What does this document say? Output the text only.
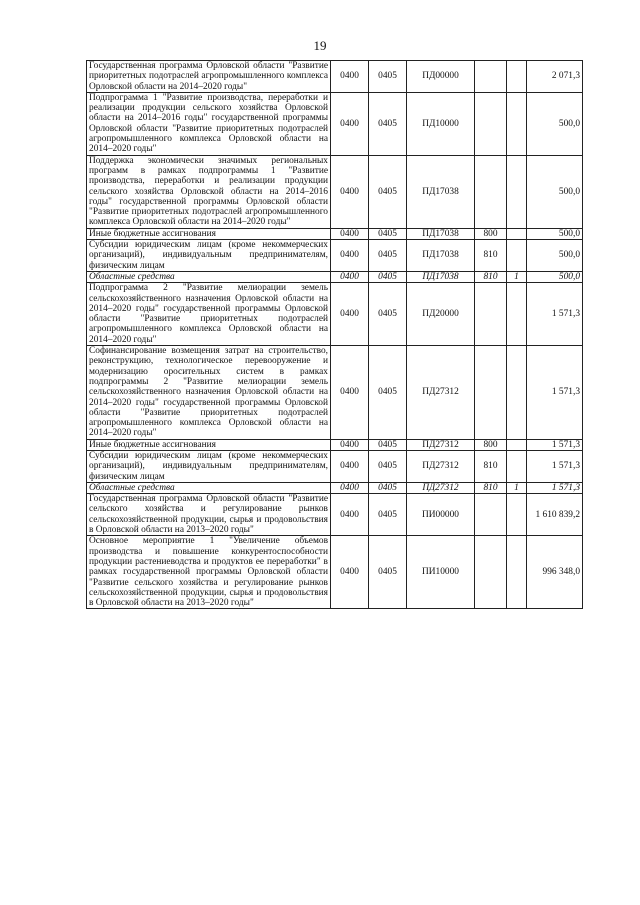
19
Государственная программа Орловской области "Развитие приоритетных подотраслей агропромышленного комплекса Орловской области на 2014–2020 годы"	0400	0405	ПД00000			2 071,3
Подпрограмма 1 "Развитие производства, переработки и реализации продукции сельского хозяйства Орловской области на 2014–2016 годы" государственной программы Орловской области "Развитие приоритетных подотраслей агропромышленного комплекса Орловской области на 2014–2020 годы"	0400	0405	ПД10000			500,0
Поддержка экономически значимых региональных программ в рамках подпрограммы 1 "Развитие производства, переработки и реализации продукции сельского хозяйства Орловской области на 2014–2016 годы" государственной программы Орловской области "Развитие приоритетных подотраслей агропромышленного комплекса Орловской области на 2014–2020 годы"	0400	0405	ПД17038			500,0
Иные бюджетные ассигнования	0400	0405	ПД17038	800		500,0
Субсидии юридическим лицам (кроме некоммерческих организаций), индивидуальным предпринимателям, физическим лицам	0400	0405	ПД17038	810		500,0
Областные средства	0400	0405	ПД17038	810	1	500,0
Подпрограмма 2 "Развитие мелиорации земель сельскохозяйственного назначения Орловской области на 2014–2020 годы" государственной программы Орловской области "Развитие приоритетных подотраслей агропромышленного комплекса Орловской области на 2014–2020 годы"	0400	0405	ПД20000			1 571,3
Софинансирование возмещения затрат на строительство, реконструкцию, технологическое перевооружение и модернизацию оросительных систем в рамках подпрограммы 2 "Развитие мелиорации земель сельскохозяйственного назначения Орловской области на 2014–2020 годы" государственной программы Орловской области "Развитие приоритетных подотраслей агропромышленного комплекса Орловской области на 2014–2020 годы"	0400	0405	ПД27312			1 571,3
Иные бюджетные ассигнования	0400	0405	ПД27312	800		1 571,3
Субсидии юридическим лицам (кроме некоммерческих организаций), индивидуальным предпринимателям, физическим лицам	0400	0405	ПД27312	810		1 571,3
Областные средства	0400	0405	ПД27312	810	1	1 571,3
Государственная программа Орловской области "Развитие сельского хозяйства и регулирование рынков сельскохозяйственной продукции, сырья и продовольствия в Орловской области на 2013–2020 годы"	0400	0405	ПИ00000			1 610 839,2
Основное мероприятие 1 "Увеличение объемов производства и повышение конкурентоспособности продукции растениеводства и продуктов ее переработки" в рамках государственной программы Орловской области "Развитие сельского хозяйства и регулирование рынков сельскохозяйственной продукции, сырья и продовольствия в Орловской области на 2013–2020 годы"	0400	0405	ПИ10000			996 348,0
